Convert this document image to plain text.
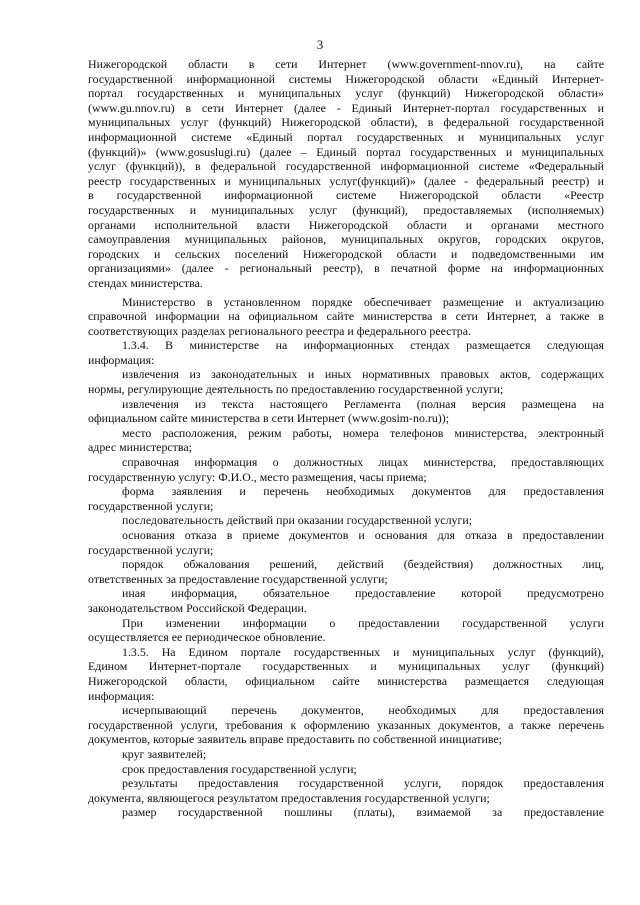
3
Нижегородской области в сети Интернет (www.government-nnov.ru), на сайте
государственной информационной системы Нижегородской области «Единый Интернет-
портал государственных и муниципальных услуг (функций) Нижегородской области»
(www.gu.nnov.ru) в сети Интернет (далее - Единый Интернет-портал государственных и
муниципальных услуг (функций) Нижегородской области), в федеральной государственной
информационной системе «Единый портал государственных и муниципальных услуг
(функций)» (www.gosuslugi.ru) (далее – Единый портал государственных и муниципальных
услуг (функций)), в федеральной государственной информационной системе «Федеральный
реестр государственных и муниципальных услуг(функций)» (далее - федеральный реестр) и
в государственной информационной системе Нижегородской области «Реестр
государственных и муниципальных услуг (функций), предоставляемых (исполняемых)
органами исполнительной власти Нижегородской области и органами местного
самоуправления муниципальных районов, муниципальных округов, городских округов,
городских и сельских поселений Нижегородской области и подведомственными им
организациями» (далее - региональный реестр), в печатной форме на информационных
стендах министерства.
Министерство в установленном порядке обеспечивает размещение и актуализацию
справочной информации на официальном сайте министерства в сети Интернет, а также в
соответствующих разделах регионального реестра и федерального реестра.
1.3.4. В министерстве на информационных стендах размещается следующая
информация:
извлечения из законодательных и иных нормативных правовых актов, содержащих
нормы, регулирующие деятельность по предоставлению государственной услуги;
извлечения из текста настоящего Регламента (полная версия размещена на
официальном сайте министерства в сети Интернет (www.gosim-no.ru));
место расположения, режим работы, номера телефонов министерства, электронный
адрес министерства;
справочная информация о должностных лицах министерства, предоставляющих
государственную услугу: Ф.И.О., место размещения, часы приема;
форма заявления и перечень необходимых документов для предоставления
государственной услуги;
последовательность действий при оказании государственной услуги;
основания отказа в приеме документов и основания для отказа в предоставлении
государственной услуги;
порядок обжалования решений, действий (бездействия) должностных лиц,
ответственных за предоставление государственной услуги;
иная информация, обязательное предоставление которой предусмотрено
законодательством Российской Федерации.
При изменении информации о предоставлении государственной услуги
осуществляется ее периодическое обновление.
1.3.5. На Едином портале государственных и муниципальных услуг (функций),
Едином Интернет-портале государственных и муниципальных услуг (функций)
Нижегородской области, официальном сайте министерства размещается следующая
информация:
исчерпывающий перечень документов, необходимых для предоставления
государственной услуги, требования к оформлению указанных документов, а также перечень
документов, которые заявитель вправе предоставить по собственной инициативе;
круг заявителей;
срок предоставления государственной услуги;
результаты предоставления государственной услуги, порядок предоставления
документа, являющегося результатом предоставления государственной услуги;
размер государственной пошлины (платы), взимаемой за предоставление
